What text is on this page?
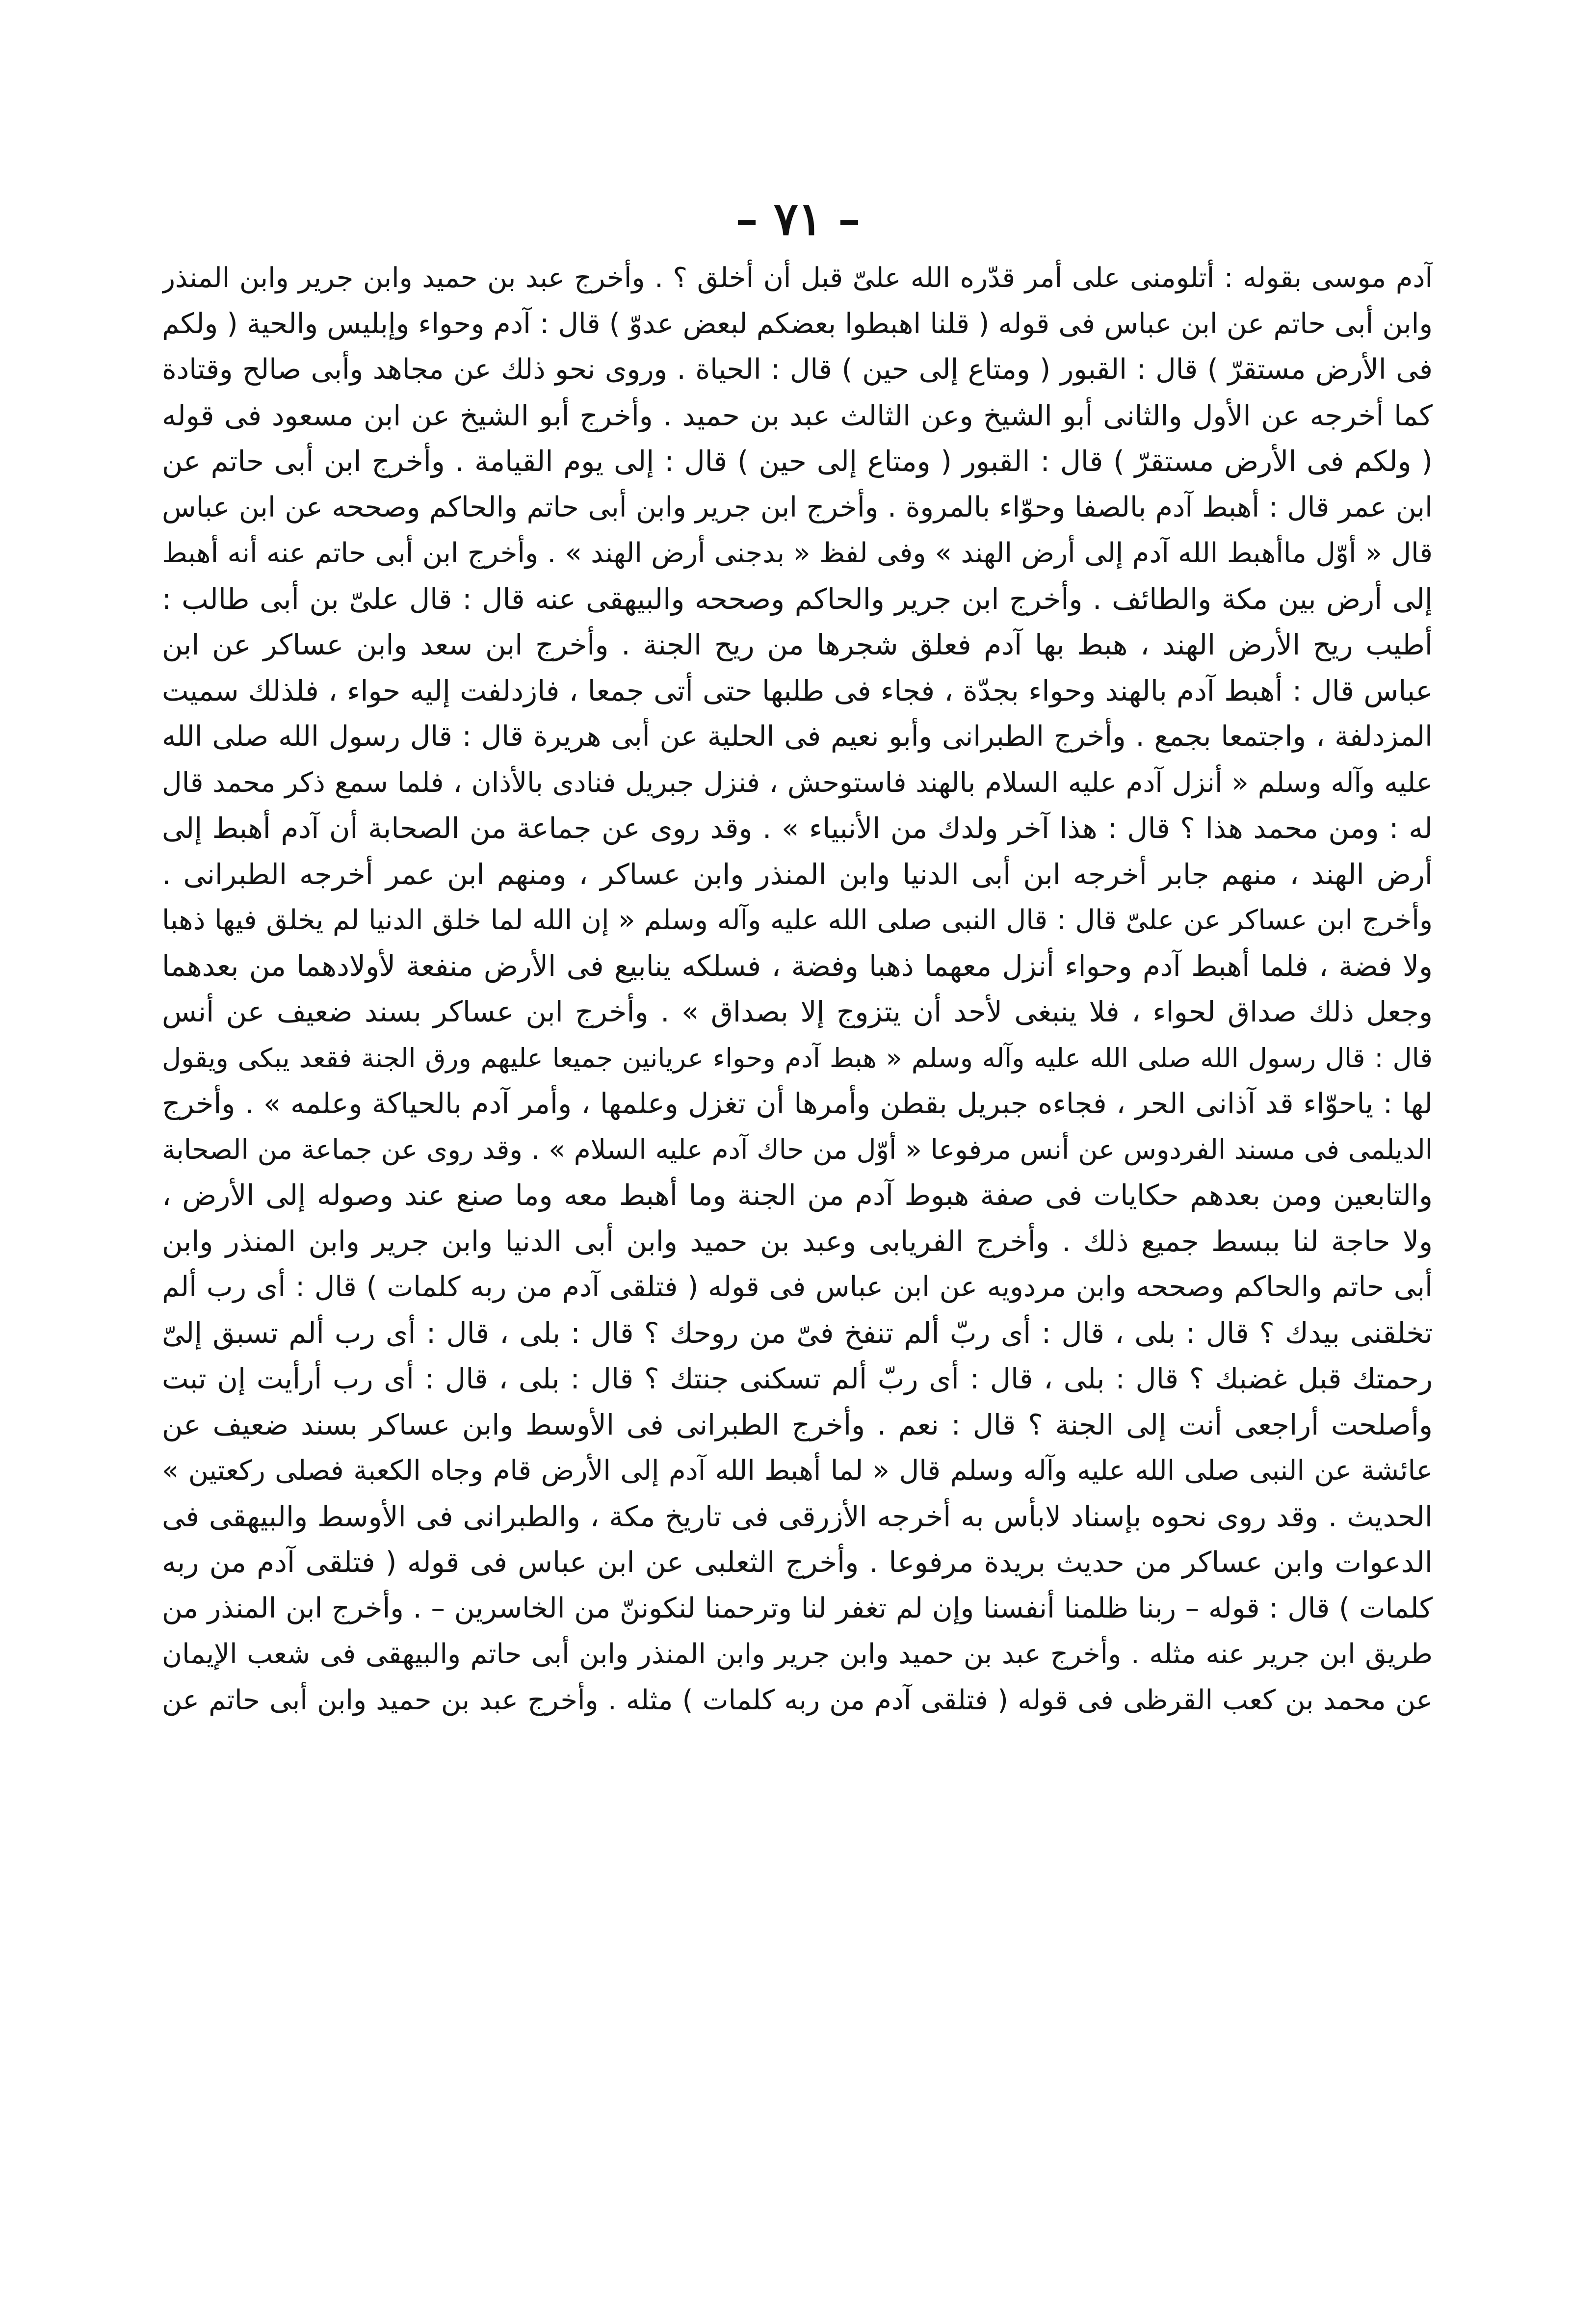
– ٧١ –
آدم موسى بقوله : أتلومنى على أمر قدّره الله علىّ قبل أن أخلق ؟ . وأخرج عبد بن حميد وابن جرير وابن المنذر
وابن أبى حاتم عن ابن عباس فى قوله ( قلنا اهبطوا بعضكم لبعض عدوّ ) قال : آدم وحواء وإبليس والحية ( ولكم
فى الأرض مستقرّ ) قال : القبور ( ومتاع إلى حين ) قال : الحياة . وروى نحو ذلك عن مجاهد وأبى صالح وقتادة
كما أخرجه عن الأول والثانى أبو الشيخ وعن الثالث عبد بن حميد . وأخرج أبو الشيخ عن ابن مسعود فى قوله
( ولكم فى الأرض مستقرّ ) قال : القبور ( ومتاع إلى حين ) قال : إلى يوم القيامة . وأخرج ابن أبى حاتم عن
ابن عمر قال : أهبط آدم بالصفا وحوّاء بالمروة . وأخرج ابن جرير وابن أبى حاتم والحاكم وصححه عن ابن عباس
قال « أوّل ماأهبط الله آدم إلى أرض الهند » وفى لفظ « بدجنى أرض الهند » . وأخرج ابن أبى حاتم عنه أنه أهبط
إلى أرض بين مكة والطائف . وأخرج ابن جرير والحاكم وصححه والبيهقى عنه قال : قال علىّ بن أبى طالب :
أطيب ريح الأرض الهند ، هبط بها آدم فعلق شجرها من ريح الجنة . وأخرج ابن سعد وابن عساكر عن ابن
عباس قال : أهبط آدم بالهند وحواء بجدّة ، فجاء فى طلبها حتى أتى جمعا ، فازدلفت إليه حواء ، فلذلك سميت
المزدلفة ، واجتمعا بجمع . وأخرج الطبرانى وأبو نعيم فى الحلية عن أبى هريرة قال : قال رسول الله صلى الله
عليه وآله وسلم « أنزل آدم عليه السلام بالهند فاستوحش ، فنزل جبريل فنادى بالأذان ، فلما سمع ذكر محمد قال
له : ومن محمد هذا ؟ قال : هذا آخر ولدك من الأنبياء » . وقد روى عن جماعة من الصحابة أن آدم أهبط إلى
أرض الهند ، منهم جابر أخرجه ابن أبى الدنيا وابن المنذر وابن عساكر ، ومنهم ابن عمر أخرجه الطبرانى .
وأخرج ابن عساكر عن علىّ قال : قال النبى صلى الله عليه وآله وسلم « إن الله لما خلق الدنيا لم يخلق فيها ذهبا
ولا فضة ، فلما أهبط آدم وحواء أنزل معهما ذهبا وفضة ، فسلكه ينابيع فى الأرض منفعة لأولادهما من بعدهما
وجعل ذلك صداق لحواء ، فلا ينبغى لأحد أن يتزوج إلا بصداق » . وأخرج ابن عساكر بسند ضعيف عن أنس
قال : قال رسول الله صلى الله عليه وآله وسلم « هبط آدم وحواء عريانين جميعا عليهم ورق الجنة فقعد يبكى ويقول
لها : ياحوّاء قد آذانى الحر ، فجاءه جبريل بقطن وأمرها أن تغزل وعلمها ، وأمر آدم بالحياكة وعلمه » . وأخرج
الديلمى فى مسند الفردوس عن أنس مرفوعا « أوّل من حاك آدم عليه السلام » . وقد روى عن جماعة من الصحابة
والتابعين ومن بعدهم حكايات فى صفة هبوط آدم من الجنة وما أهبط معه وما صنع عند وصوله إلى الأرض ،
ولا حاجة لنا ببسط جميع ذلك . وأخرج الفريابى وعبد بن حميد وابن أبى الدنيا وابن جرير وابن المنذر وابن
أبى حاتم والحاكم وصححه وابن مردويه عن ابن عباس فى قوله ( فتلقى آدم من ربه كلمات ) قال : أى رب ألم
تخلقنى بيدك ؟ قال : بلى ، قال : أى ربّ ألم تنفخ فىّ من روحك ؟ قال : بلى ، قال : أى رب ألم تسبق إلىّ
رحمتك قبل غضبك ؟ قال : بلى ، قال : أى ربّ ألم تسكنى جنتك ؟ قال : بلى ، قال : أى رب أرأيت إن تبت
وأصلحت أراجعى أنت إلى الجنة ؟ قال : نعم . وأخرج الطبرانى فى الأوسط وابن عساكر بسند ضعيف عن
عائشة عن النبى صلى الله عليه وآله وسلم قال « لما أهبط الله آدم إلى الأرض قام وجاه الكعبة فصلى ركعتين »
الحديث . وقد روى نحوه بإسناد لابأس به أخرجه الأزرقى فى تاريخ مكة ، والطبرانى فى الأوسط والبيهقى فى
الدعوات وابن عساكر من حديث بريدة مرفوعا . وأخرج الثعلبى عن ابن عباس فى قوله ( فتلقى آدم من ربه
كلمات ) قال : قوله – ربنا ظلمنا أنفسنا وإن لم تغفر لنا وترحمنا لنكوننّ من الخاسرين – . وأخرج ابن المنذر من
طريق ابن جرير عنه مثله . وأخرج عبد بن حميد وابن جرير وابن المنذر وابن أبى حاتم والبيهقى فى شعب الإيمان
عن محمد بن كعب القرظى فى قوله ( فتلقى آدم من ربه كلمات ) مثله . وأخرج عبد بن حميد وابن أبى حاتم عن
